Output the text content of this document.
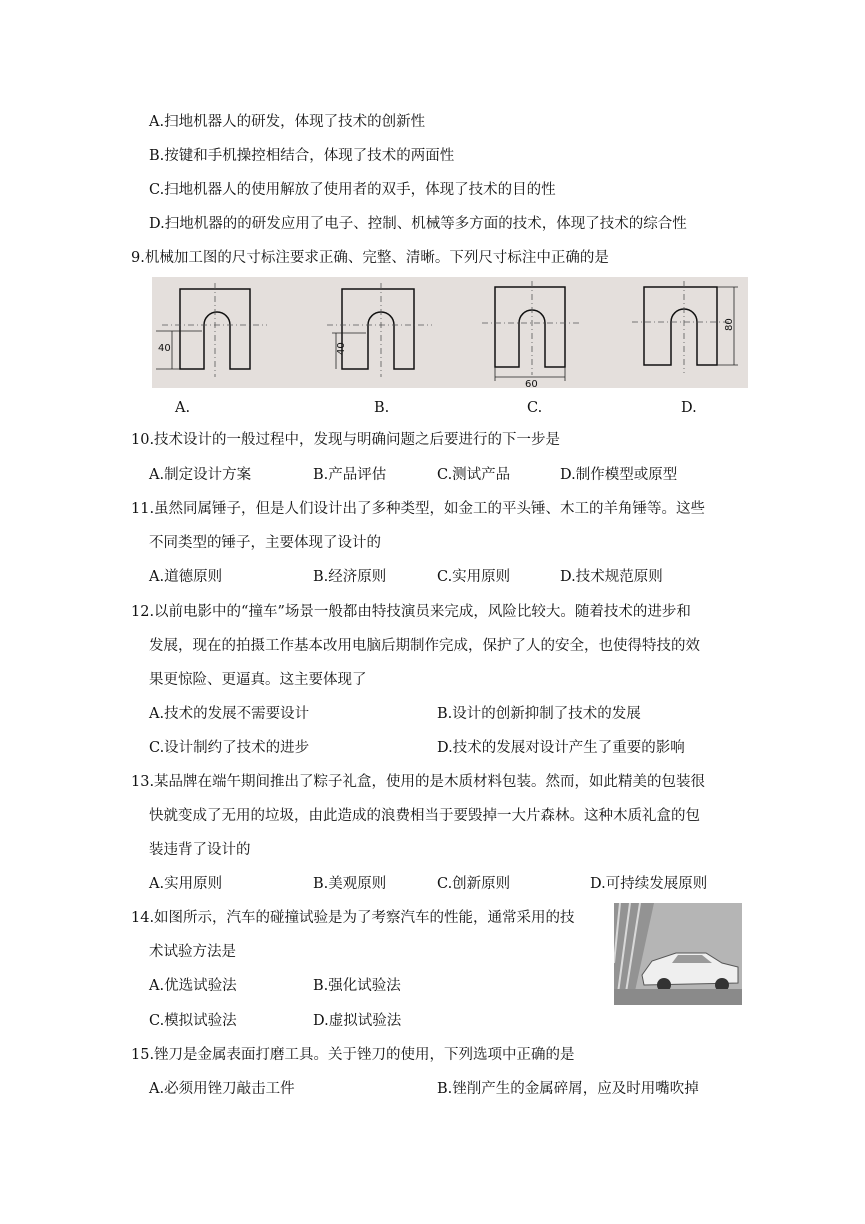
A.扫地机器人的研发，体现了技术的创新性
B.按键和手机操控相结合，体现了技术的两面性
C.扫地机器人的使用解放了使用者的双手，体现了技术的目的性
D.扫地机器的的研发应用了电子、控制、机械等多方面的技术，体现了技术的综合性
9.机械加工图的尺寸标注要求正确、完整、清晰。下列尺寸标注中正确的是
40	40
60
80
A.	B.	C.	D.
10.技术设计的一般过程中，发现与明确问题之后要进行的下一步是
A.制定设计方案	B.产品评估	C.测试产品	D.制作模型或原型
11.虽然同属锤子，但是人们设计出了多种类型，如金工的平头锤、木工的羊角锤等。这些
不同类型的锤子，主要体现了设计的
A.道德原则	B.经济原则	C.实用原则	D.技术规范原则
12.以前电影中的“撞车”场景一般都由特技演员来完成，风险比较大。随着技术的进步和
发展，现在的拍摄工作基本改用电脑后期制作完成，保护了人的安全，也使得特技的效
果更惊险、更逼真。这主要体现了
A.技术的发展不需要设计	B.设计的创新抑制了技术的发展
C.设计制约了技术的进步	D.技术的发展对设计产生了重要的影响
13.某品牌在端午期间推出了粽子礼盒，使用的是木质材料包装。然而，如此精美的包装很
快就变成了无用的垃圾，由此造成的浪费相当于要毁掉一大片森林。这种木质礼盒的包
装违背了设计的
A.实用原则	B.美观原则	C.创新原则	D.可持续发展原则
14.如图所示，汽车的碰撞试验是为了考察汽车的性能，通常采用的技
术试验方法是
A.优选试验法	B.强化试验法
C.模拟试验法	D.虚拟试验法
15.锉刀是金属表面打磨工具。关于锉刀的使用，下列选项中正确的是
A.必须用锉刀敲击工件	B.锉削产生的金属碎屑，应及时用嘴吹掉
